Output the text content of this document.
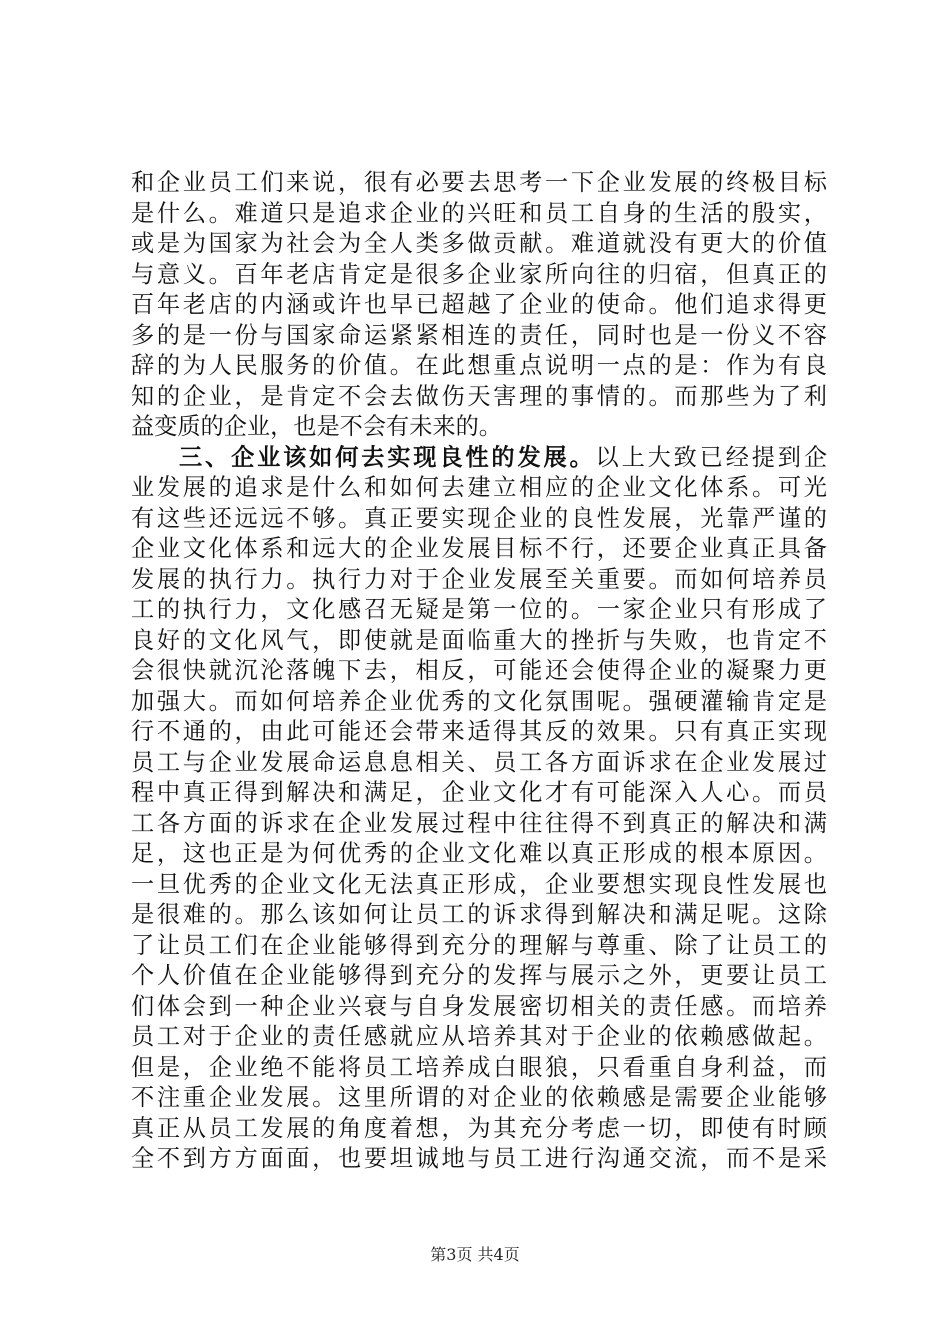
和企业员工们来说，很有必要去思考一下企业发展的终极目标
是什么。难道只是追求企业的兴旺和员工自身的生活的殷实，
或是为国家为社会为全人类多做贡献。难道就没有更大的价值
与意义。百年老店肯定是很多企业家所向往的归宿，但真正的
百年老店的内涵或许也早已超越了企业的使命。他们追求得更
多的是一份与国家命运紧紧相连的责任，同时也是一份义不容
辞的为人民服务的价值。在此想重点说明一点的是：作为有良
知的企业，是肯定不会去做伤天害理的事情的。而那些为了利
益变质的企业，也是不会有未来的。
三、企业该如何去实现良性的发展。以上大致已经提到企
业发展的追求是什么和如何去建立相应的企业文化体系。可光
有这些还远远不够。真正要实现企业的良性发展，光靠严谨的
企业文化体系和远大的企业发展目标不行，还要企业真正具备
发展的执行力。执行力对于企业发展至关重要。而如何培养员
工的执行力，文化感召无疑是第一位的。一家企业只有形成了
良好的文化风气，即使就是面临重大的挫折与失败，也肯定不
会很快就沉沦落魄下去，相反，可能还会使得企业的凝聚力更
加强大。而如何培养企业优秀的文化氛围呢。强硬灌输肯定是
行不通的，由此可能还会带来适得其反的效果。只有真正实现
员工与企业发展命运息息相关、员工各方面诉求在企业发展过
程中真正得到解决和满足，企业文化才有可能深入人心。而员
工各方面的诉求在企业发展过程中往往得不到真正的解决和满
足，这也正是为何优秀的企业文化难以真正形成的根本原因。
一旦优秀的企业文化无法真正形成，企业要想实现良性发展也
是很难的。那么该如何让员工的诉求得到解决和满足呢。这除
了让员工们在企业能够得到充分的理解与尊重、除了让员工的
个人价值在企业能够得到充分的发挥与展示之外，更要让员工
们体会到一种企业兴衰与自身发展密切相关的责任感。而培养
员工对于企业的责任感就应从培养其对于企业的依赖感做起。
但是，企业绝不能将员工培养成白眼狼，只看重自身利益，而
不注重企业发展。这里所谓的对企业的依赖感是需要企业能够
真正从员工发展的角度着想，为其充分考虑一切，即使有时顾
全不到方方面面，也要坦诚地与员工进行沟通交流，而不是采
第3页 共4页
